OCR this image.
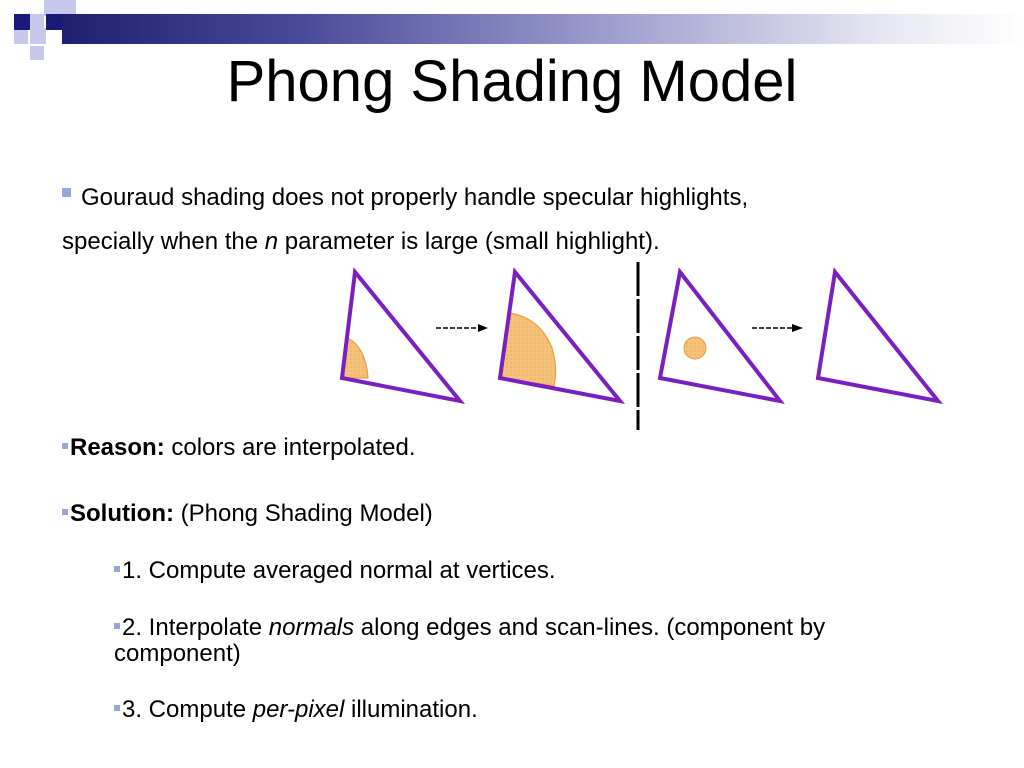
Phong Shading Model
Gouraud shading does not properly handle specular highlights,
specially when the n parameter is large (small highlight).
Reason: colors are interpolated.
Solution: (Phong Shading Model)
1. Compute averaged normal at vertices.
2. Interpolate normals along edges and scan-lines. (component by
component)
3. Compute per-pixel illumination.
